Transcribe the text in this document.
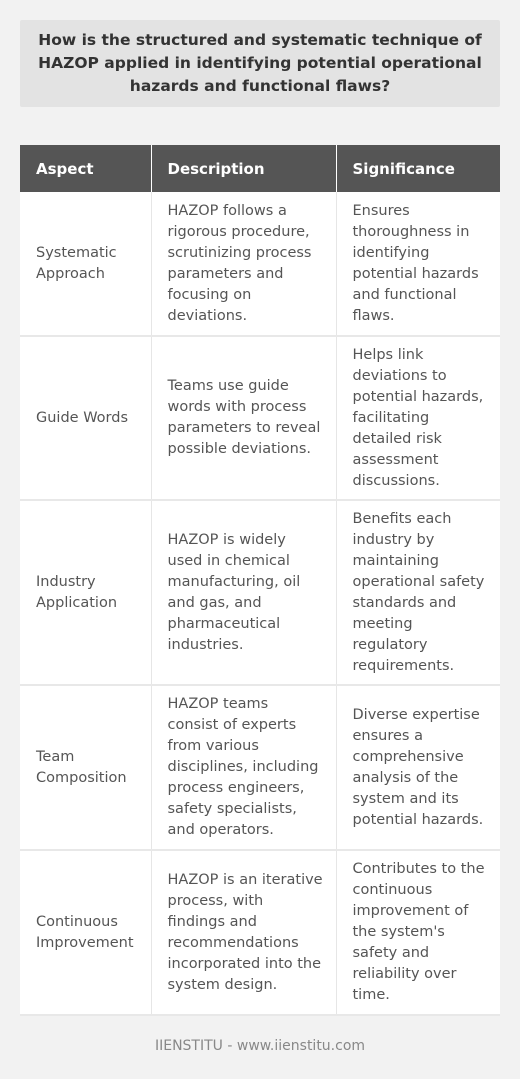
How is the structured and systematic technique of HAZOP applied in identifying potential operational hazards and functional flaws?
Aspect	Description	Significance
Systematic Approach	HAZOP follows a rigorous procedure, scrutinizing process parameters and focusing on deviations.	Ensures thoroughness in identifying potential hazards and functional flaws.
Guide Words	Teams use guide words with process parameters to reveal possible deviations.	Helps link deviations to potential hazards, facilitating detailed risk assessment discussions.
Industry Application	HAZOP is widely used in chemical manufacturing, oil and gas, and pharmaceutical industries.	Benefits each industry by maintaining operational safety standards and meeting regulatory requirements.
Team Composition	HAZOP teams consist of experts from various disciplines, including process engineers, safety specialists, and operators.	Diverse expertise ensures a comprehensive analysis of the system and its potential hazards.
Continuous Improvement	HAZOP is an iterative process, with findings and recommendations incorporated into the system design.	Contributes to the continuous improvement of the system's safety and reliability over time.
IIENSTITU - www.iienstitu.com
